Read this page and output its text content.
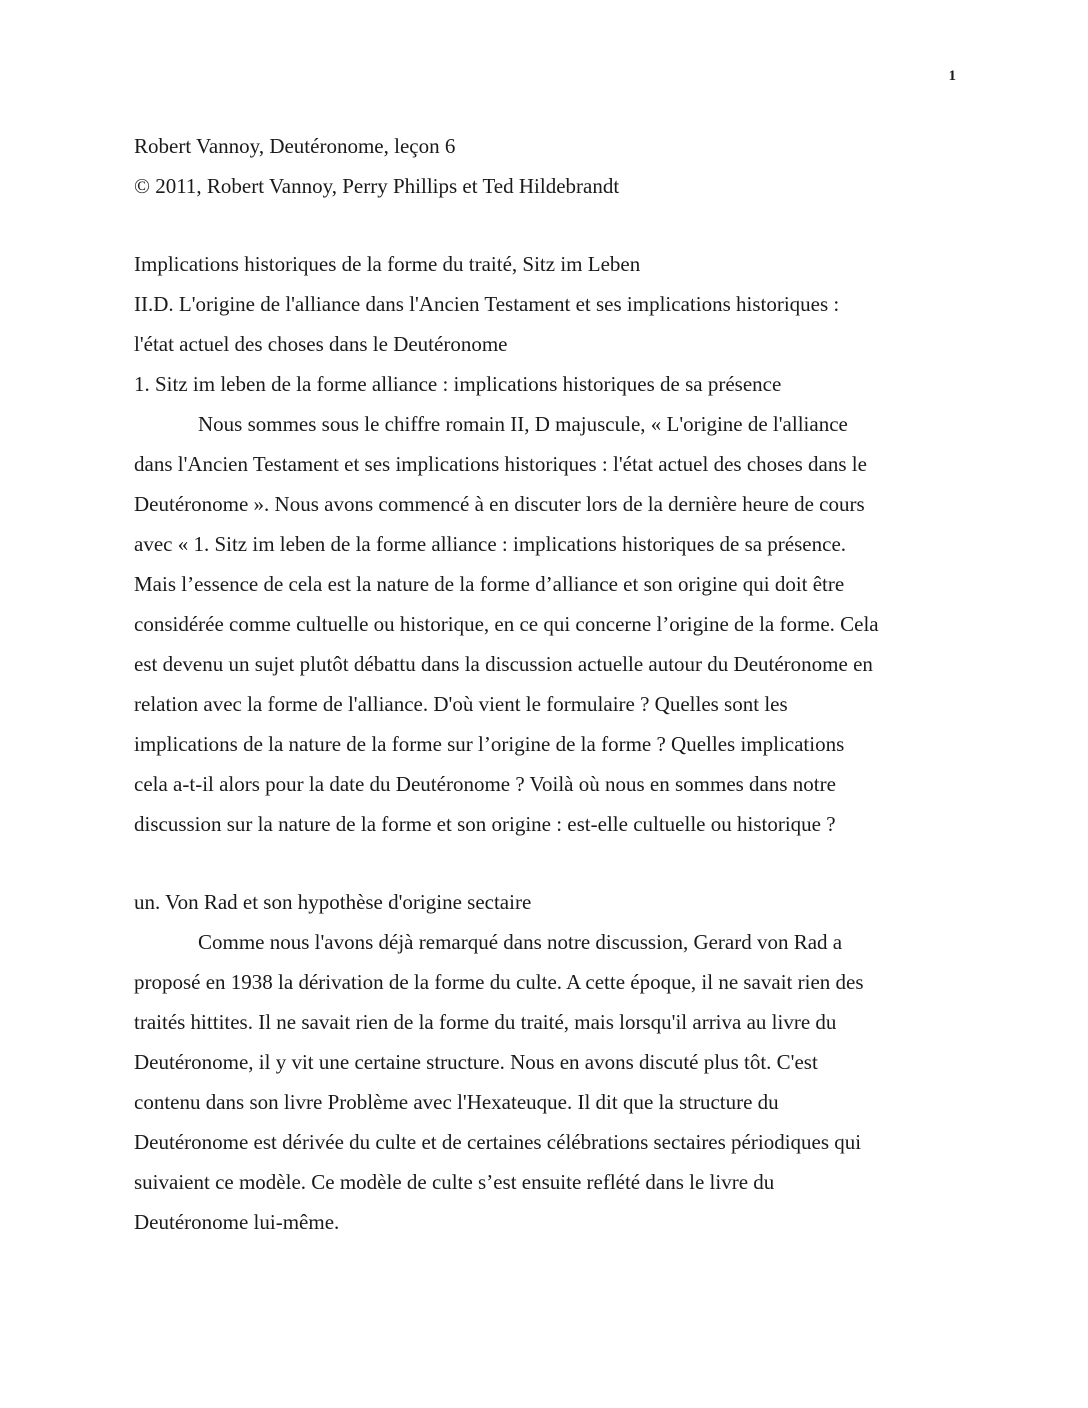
1
Robert Vannoy, Deutéronome, leçon 6
© 2011, Robert Vannoy, Perry Phillips et Ted Hildebrandt
Implications historiques de la forme du traité, Sitz im Leben
II.D. L'origine de l'alliance dans l'Ancien Testament et ses implications historiques :
l'état actuel des choses dans le Deutéronome
1. Sitz im leben de la forme alliance : implications historiques de sa présence
Nous sommes sous le chiffre romain II, D majuscule, « L'origine de l'alliance
dans l'Ancien Testament et ses implications historiques : l'état actuel des choses dans le
Deutéronome ». Nous avons commencé à en discuter lors de la dernière heure de cours
avec « 1. Sitz im leben de la forme alliance : implications historiques de sa présence.
Mais l’essence de cela est la nature de la forme d’alliance et son origine qui doit être
considérée comme cultuelle ou historique, en ce qui concerne l’origine de la forme. Cela
est devenu un sujet plutôt débattu dans la discussion actuelle autour du Deutéronome en
relation avec la forme de l'alliance. D'où vient le formulaire ? Quelles sont les
implications de la nature de la forme sur l’origine de la forme ? Quelles implications
cela a-t-il alors pour la date du Deutéronome ? Voilà où nous en sommes dans notre
discussion sur la nature de la forme et son origine : est-elle cultuelle ou historique ?
un. Von Rad et son hypothèse d'origine sectaire
Comme nous l'avons déjà remarqué dans notre discussion, Gerard von Rad a
proposé en 1938 la dérivation de la forme du culte. A cette époque, il ne savait rien des
traités hittites. Il ne savait rien de la forme du traité, mais lorsqu'il arriva au livre du
Deutéronome, il y vit une certaine structure. Nous en avons discuté plus tôt. C'est
contenu dans son livre Problème avec l'Hexateuque. Il dit que la structure du
Deutéronome est dérivée du culte et de certaines célébrations sectaires périodiques qui
suivaient ce modèle. Ce modèle de culte s’est ensuite reflété dans le livre du
Deutéronome lui-même.
